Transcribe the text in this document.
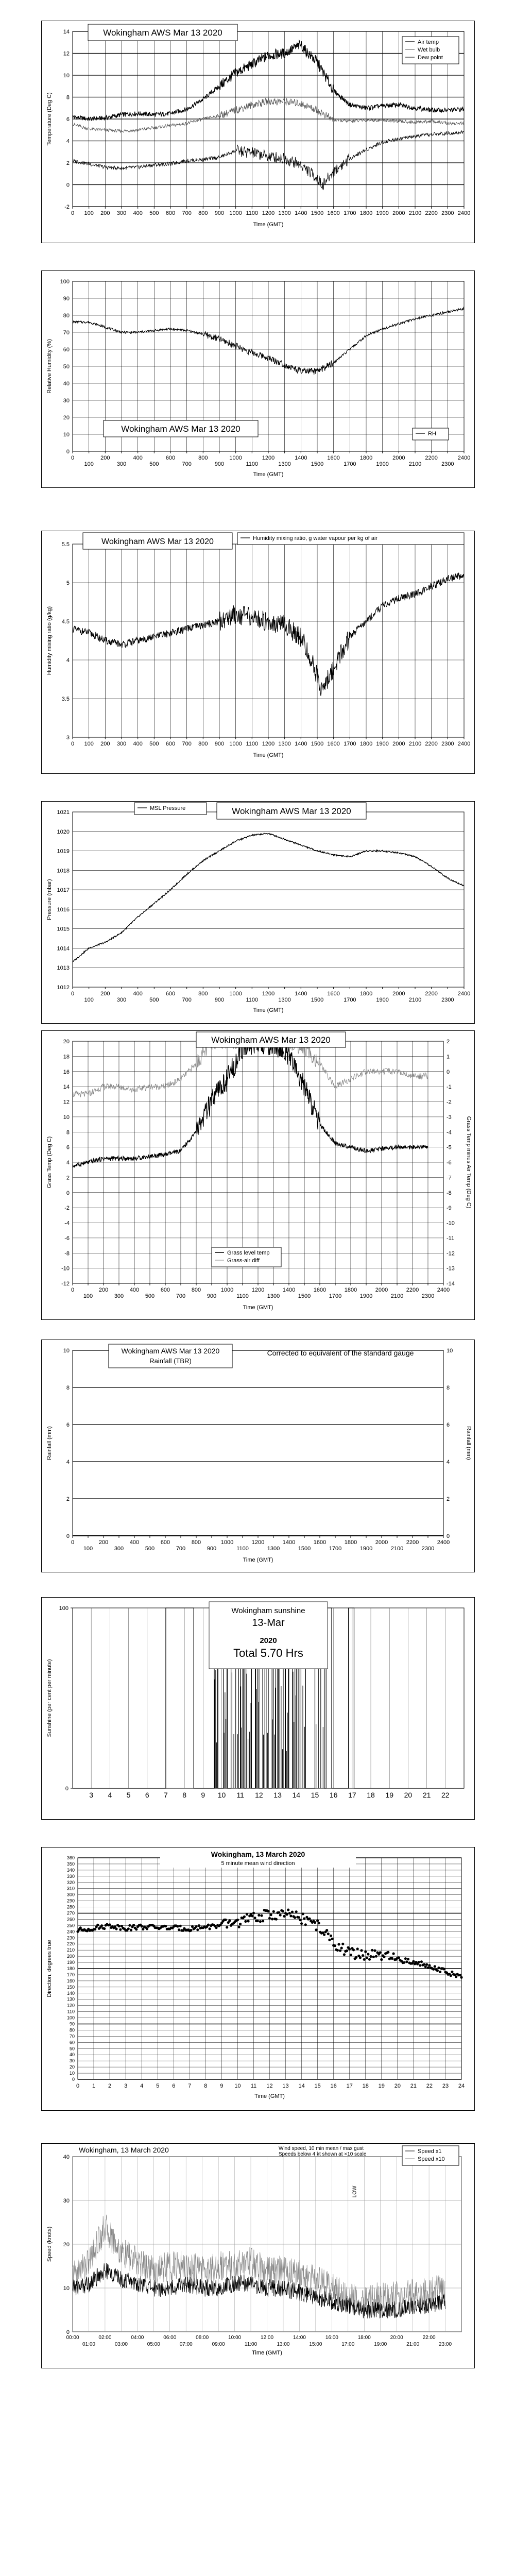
-2
0
2
4
6
8
10
12
14
0 100 200 300 400 500 600 700 800 900 1000 1100 1200 1300 1400 1500 1600 1700 1800 1900 2000 2100 2200 2300 2400
Time (GMT)
Temperature (Deg C)
Wokingham AWS Mar 13 2020
Air temp
Wet bulb
Dew point
0
10
20
30
40
50
60
70
80
90
100
0
100
200
300
400
500
600
700
800
900
1000
1100
1200
1300
1400
1500
1600
1700
1800
1900
2000
2100
2200
2300
2400
Time (GMT)
Relative Humidity (%)
Wokingham AWS Mar 13 2020	RH
3
3.5
4
4.5
5
5.5
0 100 200 300 400 500 600 700 800 900 1000 1100 1200 1300 1400 1500 1600 1700 1800 1900 2000 2100 2200 2300 2400
Time (GMT)
Humidity mixing ratio (g/kg)
Wokingham AWS Mar 13 2020	Humidity mixing ratio, g water vapour per kg of air
1012
1013
1014
1015
1016
1017
1018
1019
1020
1021
0
100
200
300
400
500
600
700
800
900
1000
1100
1200
1300
1400
1500
1600
1700
1800
1900
2000
2100
2200
2300
2400
Time (GMT)
Pressure (mbar)
MSL Pressure	Wokingham AWS Mar 13 2020
-12
-10
-8
-6
-4
-2
0
2
4
6
8
10
12
14
16
18
20
0
100
200
300
400
500
600
700
800
900
1000
1100
1200
1300
1400
1500
1600
1700
1800
1900
2000
2100
2200
2300
2400
Time (GMT)
Grass Temp (Deg C)
-14
-13
-12
-11
-10
-9
-8
-7
-6
-5
-4
-3
-2
-1
0
1
2
Grass Temp minus Air Temp (Deg C)
Wokingham AWS Mar 13 2020
Grass level temp
Grass-air diff
0
2
4
6
8
10
0
2
4
6
8
10
0
100
200
300
400
500
600
700
800
900
1000
1100
1200
1300
1400
1500
1600
1700
1800
1900
2000
2100
2200
2300
2400
Time (GMT)
Rainfall (mm)	Rainfall (mm)
Wokingham AWS Mar 13 2020
Rainfall (TBR)
Corrected to equivalent of the standard gauge
0
100
3 4 5 6 7 8 9 10 11 12 13 14 15 16 17 18 19 20 21 22
Sunshine (per cent per minute)
Wokingham sunshine
13-Mar
2020
Total 5.70 Hrs
0
10
20
30
40
50
60
70
80
90
100
110
120
130
140
150
160
170
180
190
200
210
220
230
240
250
260
270
280
290
300
310
320
330
340
350
360
0 1 2 3 4 5 6 7 8 9 10 11 12 13 14 15 16 17 18 19 20 21 22 23 24
Time (GMT)
Direction, degrees true
Wokingham, 13 March 2020
5 minute mean wind direction
0
10
20
30
40
00:00	02:00	04:00	06:00	08:00	10:00	12:00	14:00	16:00	18:00	20:00	22:00
01:00	03:00	05:00	07:00	09:00	11:00	13:00	15:00	17:00	19:00	21:00	23:00
Time (GMT)
Speed (knots)
Wokingham, 13 March 2020	Wind speed, 10 min mean / max gust
Speeds below 4 kt shown at ×10 scale	Speed x1
Speed x10
LOW
